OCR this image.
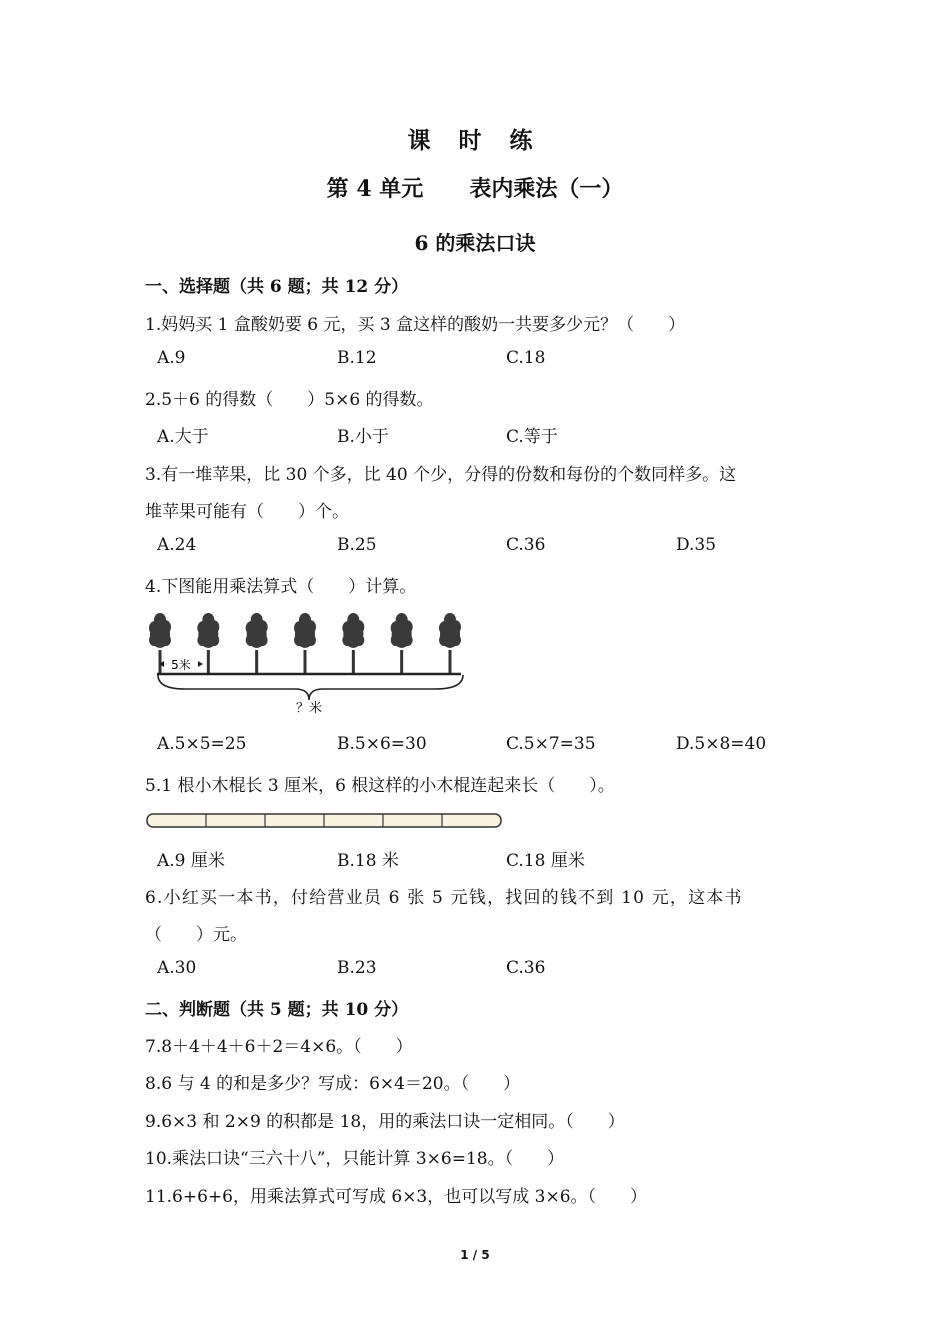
课 时 练
第 4 单元 表内乘法（一）
6 的乘法口诀
一、选择题（共 6 题；共 12 分）
1.妈妈买 1 盒酸奶要 6 元，买 3 盒这样的酸奶一共要多少元？（　　）
A.9	B.12	C.18
2.5＋6 的得数（　　）5×6 的得数。
A.大于	B.小于	C.等于
3.有一堆苹果，比 30 个多，比 40 个少，分得的份数和每份的个数同样多。这
堆苹果可能有（　　）个。
A.24	B.25	C.36	D.35
4.下图能用乘法算式（　　）计算。
5米
？米
A.5×5=25	B.5×6=30	C.5×7=35	D.5×8=40
5.1 根小木棍长 3 厘米，6 根这样的小木棍连起来长（　　）。
A.9 厘米	B.18 米	C.18 厘米
6.小红买一本书，付给营业员 6 张 5 元钱，找回的钱不到 10 元，这本书
（　　）元。
A.30	B.23	C.36
二、判断题（共 5 题；共 10 分）
7.8＋4＋4＋6＋2＝4×6。（　　）
8.6 与 4 的和是多少？写成：6×4＝20。（　　）
9.6×3 和 2×9 的积都是 18，用的乘法口诀一定相同。（　　）
10.乘法口诀“三六十八”，只能计算 3×6=18。（　　）
11.6+6+6，用乘法算式可写成 6×3，也可以写成 3×6。（　　）
1 / 5
